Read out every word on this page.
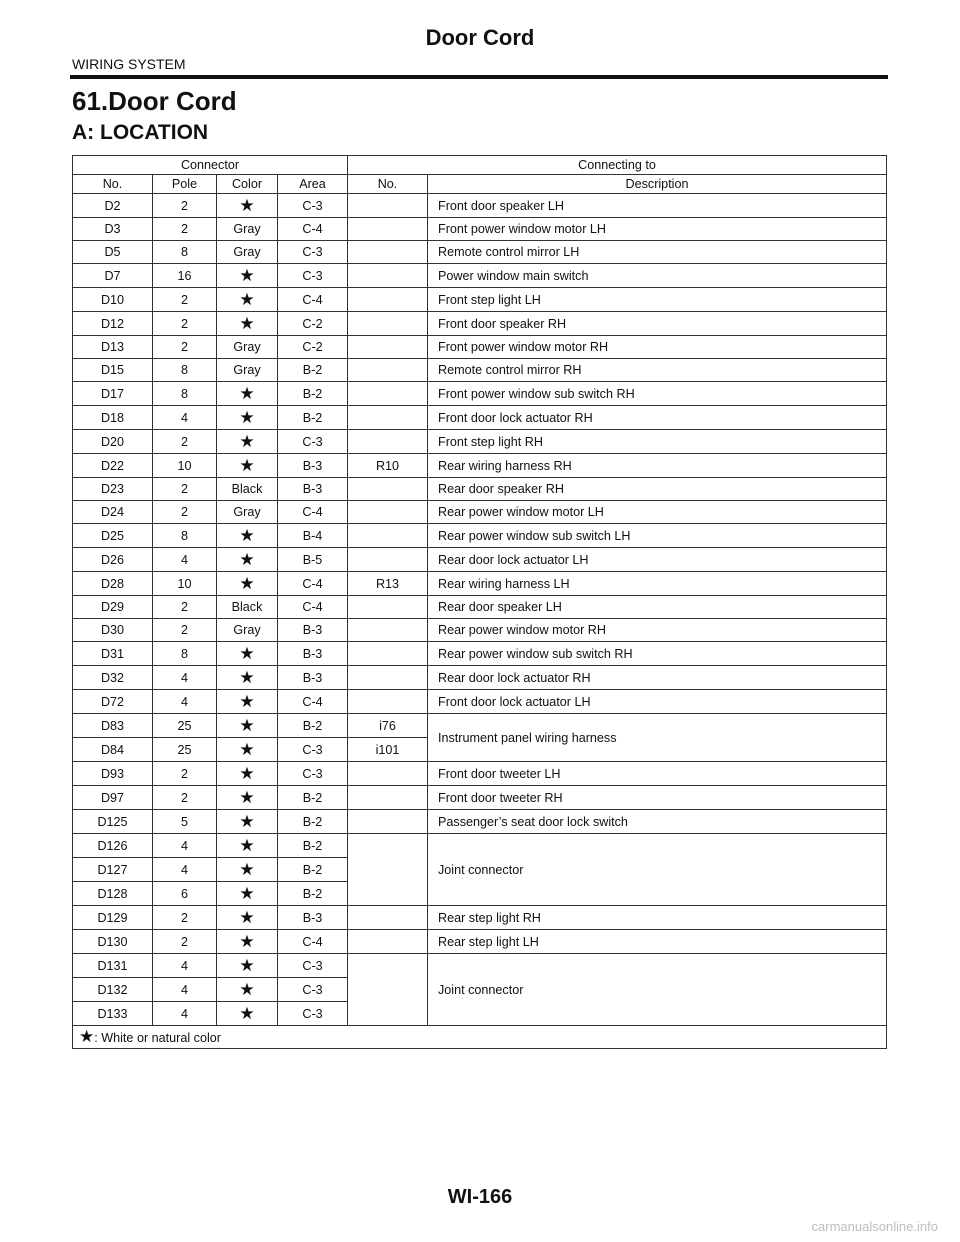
Door Cord
WIRING SYSTEM
61.Door Cord
A: LOCATION
Connector				Connecting to	
No.	Pole	Color	Area	No.	Description
D2	2	★	C-3		Front door speaker LH
D3	2	Gray	C-4		Front power window motor LH
D5	8	Gray	C-3		Remote control mirror LH
D7	16	★	C-3		Power window main switch
D10	2	★	C-4		Front step light LH
D12	2	★	C-2		Front door speaker RH
D13	2	Gray	C-2		Front power window motor RH
D15	8	Gray	B-2		Remote control mirror RH
D17	8	★	B-2		Front power window sub switch RH
D18	4	★	B-2		Front door lock actuator RH
D20	2	★	C-3		Front step light RH
D22	10	★	B-3	R10	Rear wiring harness RH
D23	2	Black	B-3		Rear door speaker RH
D24	2	Gray	C-4		Rear power window motor LH
D25	8	★	B-4		Rear power window sub switch LH
D26	4	★	B-5		Rear door lock actuator LH
D28	10	★	C-4	R13	Rear wiring harness LH
D29	2	Black	C-4		Rear door speaker LH
D30	2	Gray	B-3		Rear power window motor RH
D31	8	★	B-3		Rear power window sub switch RH
D32	4	★	B-3		Rear door lock actuator RH
D72	4	★	C-4		Front door lock actuator LH
D83	25	★	B-2	i76	Instrument panel wiring harness
D84	25	★	C-3	i101	
D93	2	★	C-3		Front door tweeter LH
D97	2	★	B-2		Front door tweeter RH
D125	5	★	B-2		Passenger’s seat door lock switch
D126	4	★	B-2		Joint connector
D127	4	★	B-2		
D128	6	★	B-2		
D129	2	★	B-3		Rear step light RH
D130	2	★	C-4		Rear step light LH
D131	4	★	C-3		Joint connector
D132	4	★	C-3		
D133	4	★	C-3		
★: White or natural color					
WI-166
carmanualsonline.info
